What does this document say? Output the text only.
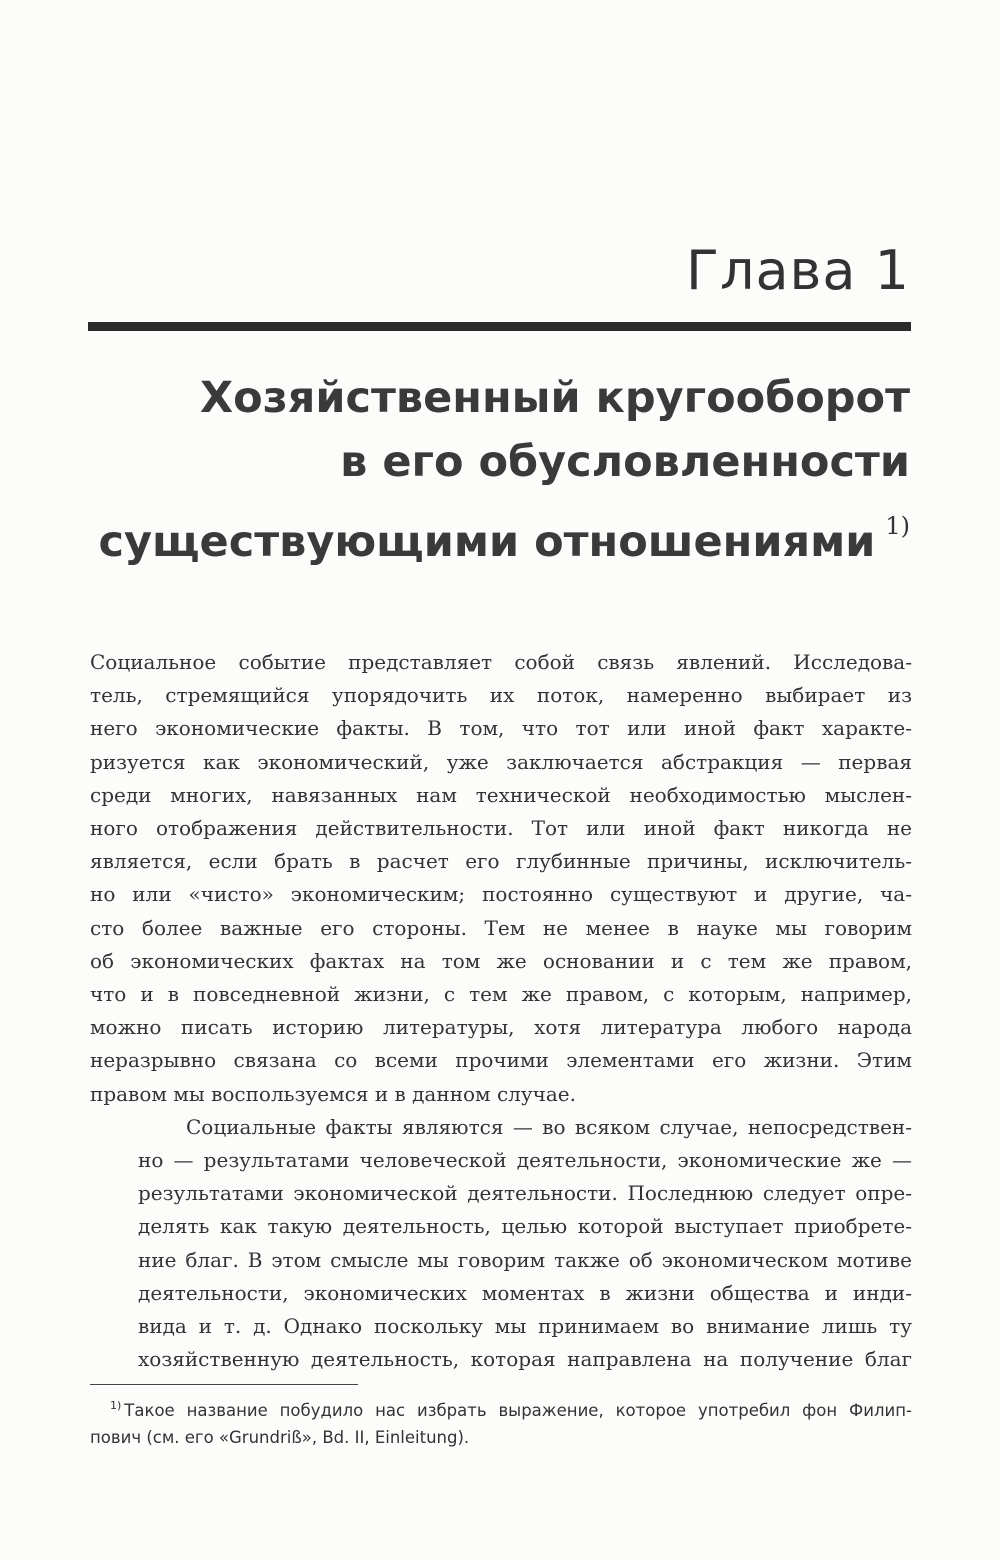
Глава 1
Хозяйственный кругооборот
в его обусловленности
существующими отношениями $^{1)}$
Социальное событие представляет собой связь явлений. Исследова-
тель, стремящийся упорядочить их поток, намеренно выбирает из
него экономические факты. В том, что тот или иной факт характе-
ризуется как экономический, уже заключается абстракция — первая
среди многих, навязанных нам технической необходимостью мыслен-
ного отображения действительности. Тот или иной факт никогда не
является, если брать в расчет его глубинные причины, исключитель-
но или «чисто» экономическим; постоянно существуют и другие, ча-
сто более важные его стороны. Тем не менее в науке мы говорим
об экономических фактах на том же основании и с тем же правом,
что и в повседневной жизни, с тем же правом, с которым, например,
можно писать историю литературы, хотя литература любого народа
неразрывно связана со всеми прочими элементами его жизни. Этим
правом мы воспользуемся и в данном случае.
Социальные факты являются — во всяком случае, непосредствен-
но — результатами человеческой деятельности, экономические же —
результатами экономической деятельности. Последнюю следует опре-
делять как такую деятельность, целью которой выступает приобрете-
ние благ. В этом смысле мы говорим также об экономическом мотиве
деятельности, экономических моментах в жизни общества и инди-
вида и т. д. Однако поскольку мы принимаем во внимание лишь ту
хозяйственную деятельность, которая направлена на получение благ
$^{1)}$ Такое название побудило нас избрать выражение, которое употребил фон Филип-
пович (см. его «Grundriß», Bd. II, Einleitung).
